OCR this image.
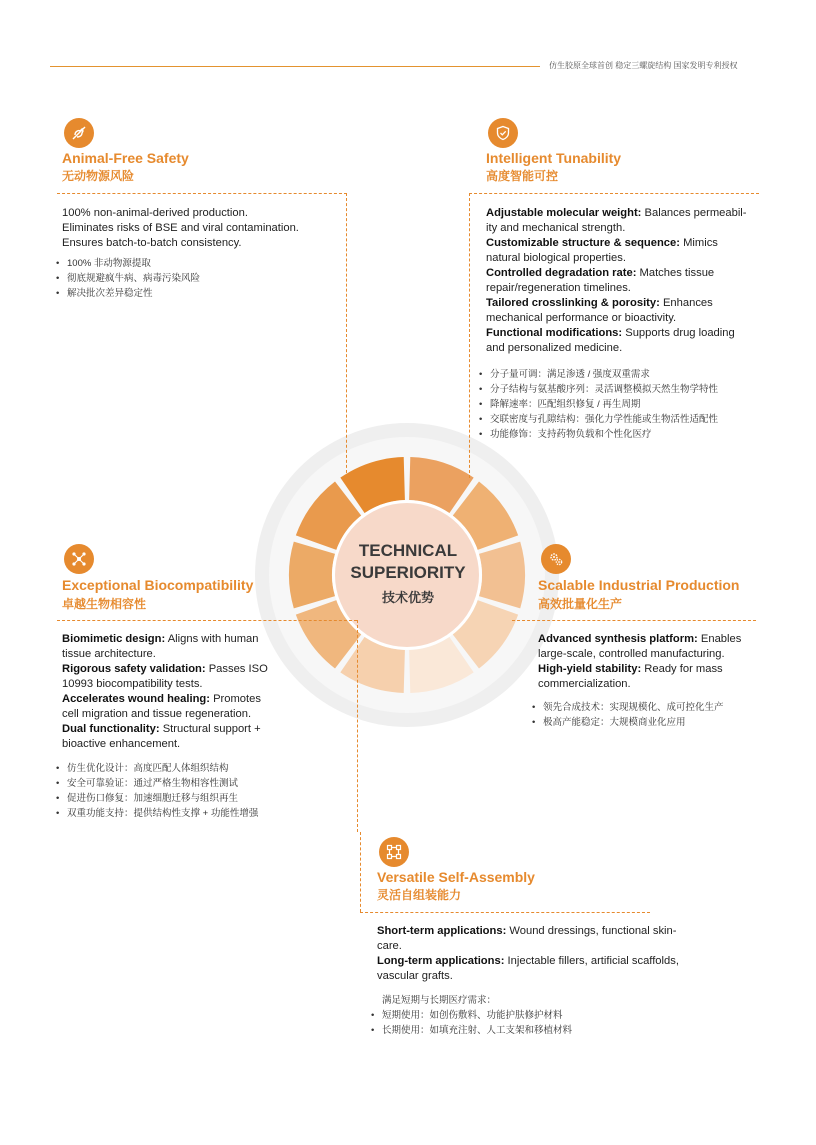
仿生胶原全球首创 稳定三螺旋结构 国家发明专利授权
TECHNICAL
SUPERIORITY
技术优势
Animal-Free Safety
无动物源风险
100% non-animal-derived production.
Eliminates risks of BSE and viral contamination.
Ensures batch-to-batch consistency.
• 100% 非动物源提取
• 彻底规避疯牛病、病毒污染风险
• 解决批次差异稳定性
Intelligent Tunability
高度智能可控
Adjustable molecular weight: Balances permeabil-
ity and mechanical strength.
Customizable structure & sequence: Mimics
natural biological properties.
Controlled degradation rate: Matches tissue
repair/regeneration timelines.
Tailored crosslinking & porosity: Enhances
mechanical performance or bioactivity.
Functional modifications: Supports drug loading
and personalized medicine.
• 分子量可调：满足渗透 / 强度双重需求
• 分子结构与氨基酸序列：灵活调整模拟天然生物学特性
• 降解速率：匹配组织修复 / 再生周期
• 交联密度与孔隙结构：强化力学性能或生物活性适配性
• 功能修饰：支持药物负载和个性化医疗
Exceptional Biocompatibility
卓越生物相容性
Biomimetic design: Aligns with human
tissue architecture.
Rigorous safety validation: Passes ISO
10993 biocompatibility tests.
Accelerates wound healing: Promotes
cell migration and tissue regeneration.
Dual functionality: Structural support +
bioactive enhancement.
• 仿生优化设计：高度匹配人体组织结构
• 安全可靠验证：通过严格生物相容性测试
• 促进伤口修复：加速细胞迁移与组织再生
• 双重功能支持：提供结构性支撑 + 功能性增强
Scalable Industrial Production
高效批量化生产
Advanced synthesis platform: Enables
large-scale, controlled manufacturing.
High-yield stability: Ready for mass
commercialization.
• 领先合成技术：实现规模化、成可控化生产
• 极高产能稳定：大规模商业化应用
Versatile Self-Assembly
灵活自组装能力
Short-term applications: Wound dressings, functional skin-
care.
Long-term applications: Injectable fillers, artificial scaffolds,
vascular grafts.
满足短期与长期医疗需求：
• 短期使用：如创伤敷料、功能护肤修护材料
• 长期使用：如填充注射、人工支架和移植材料
